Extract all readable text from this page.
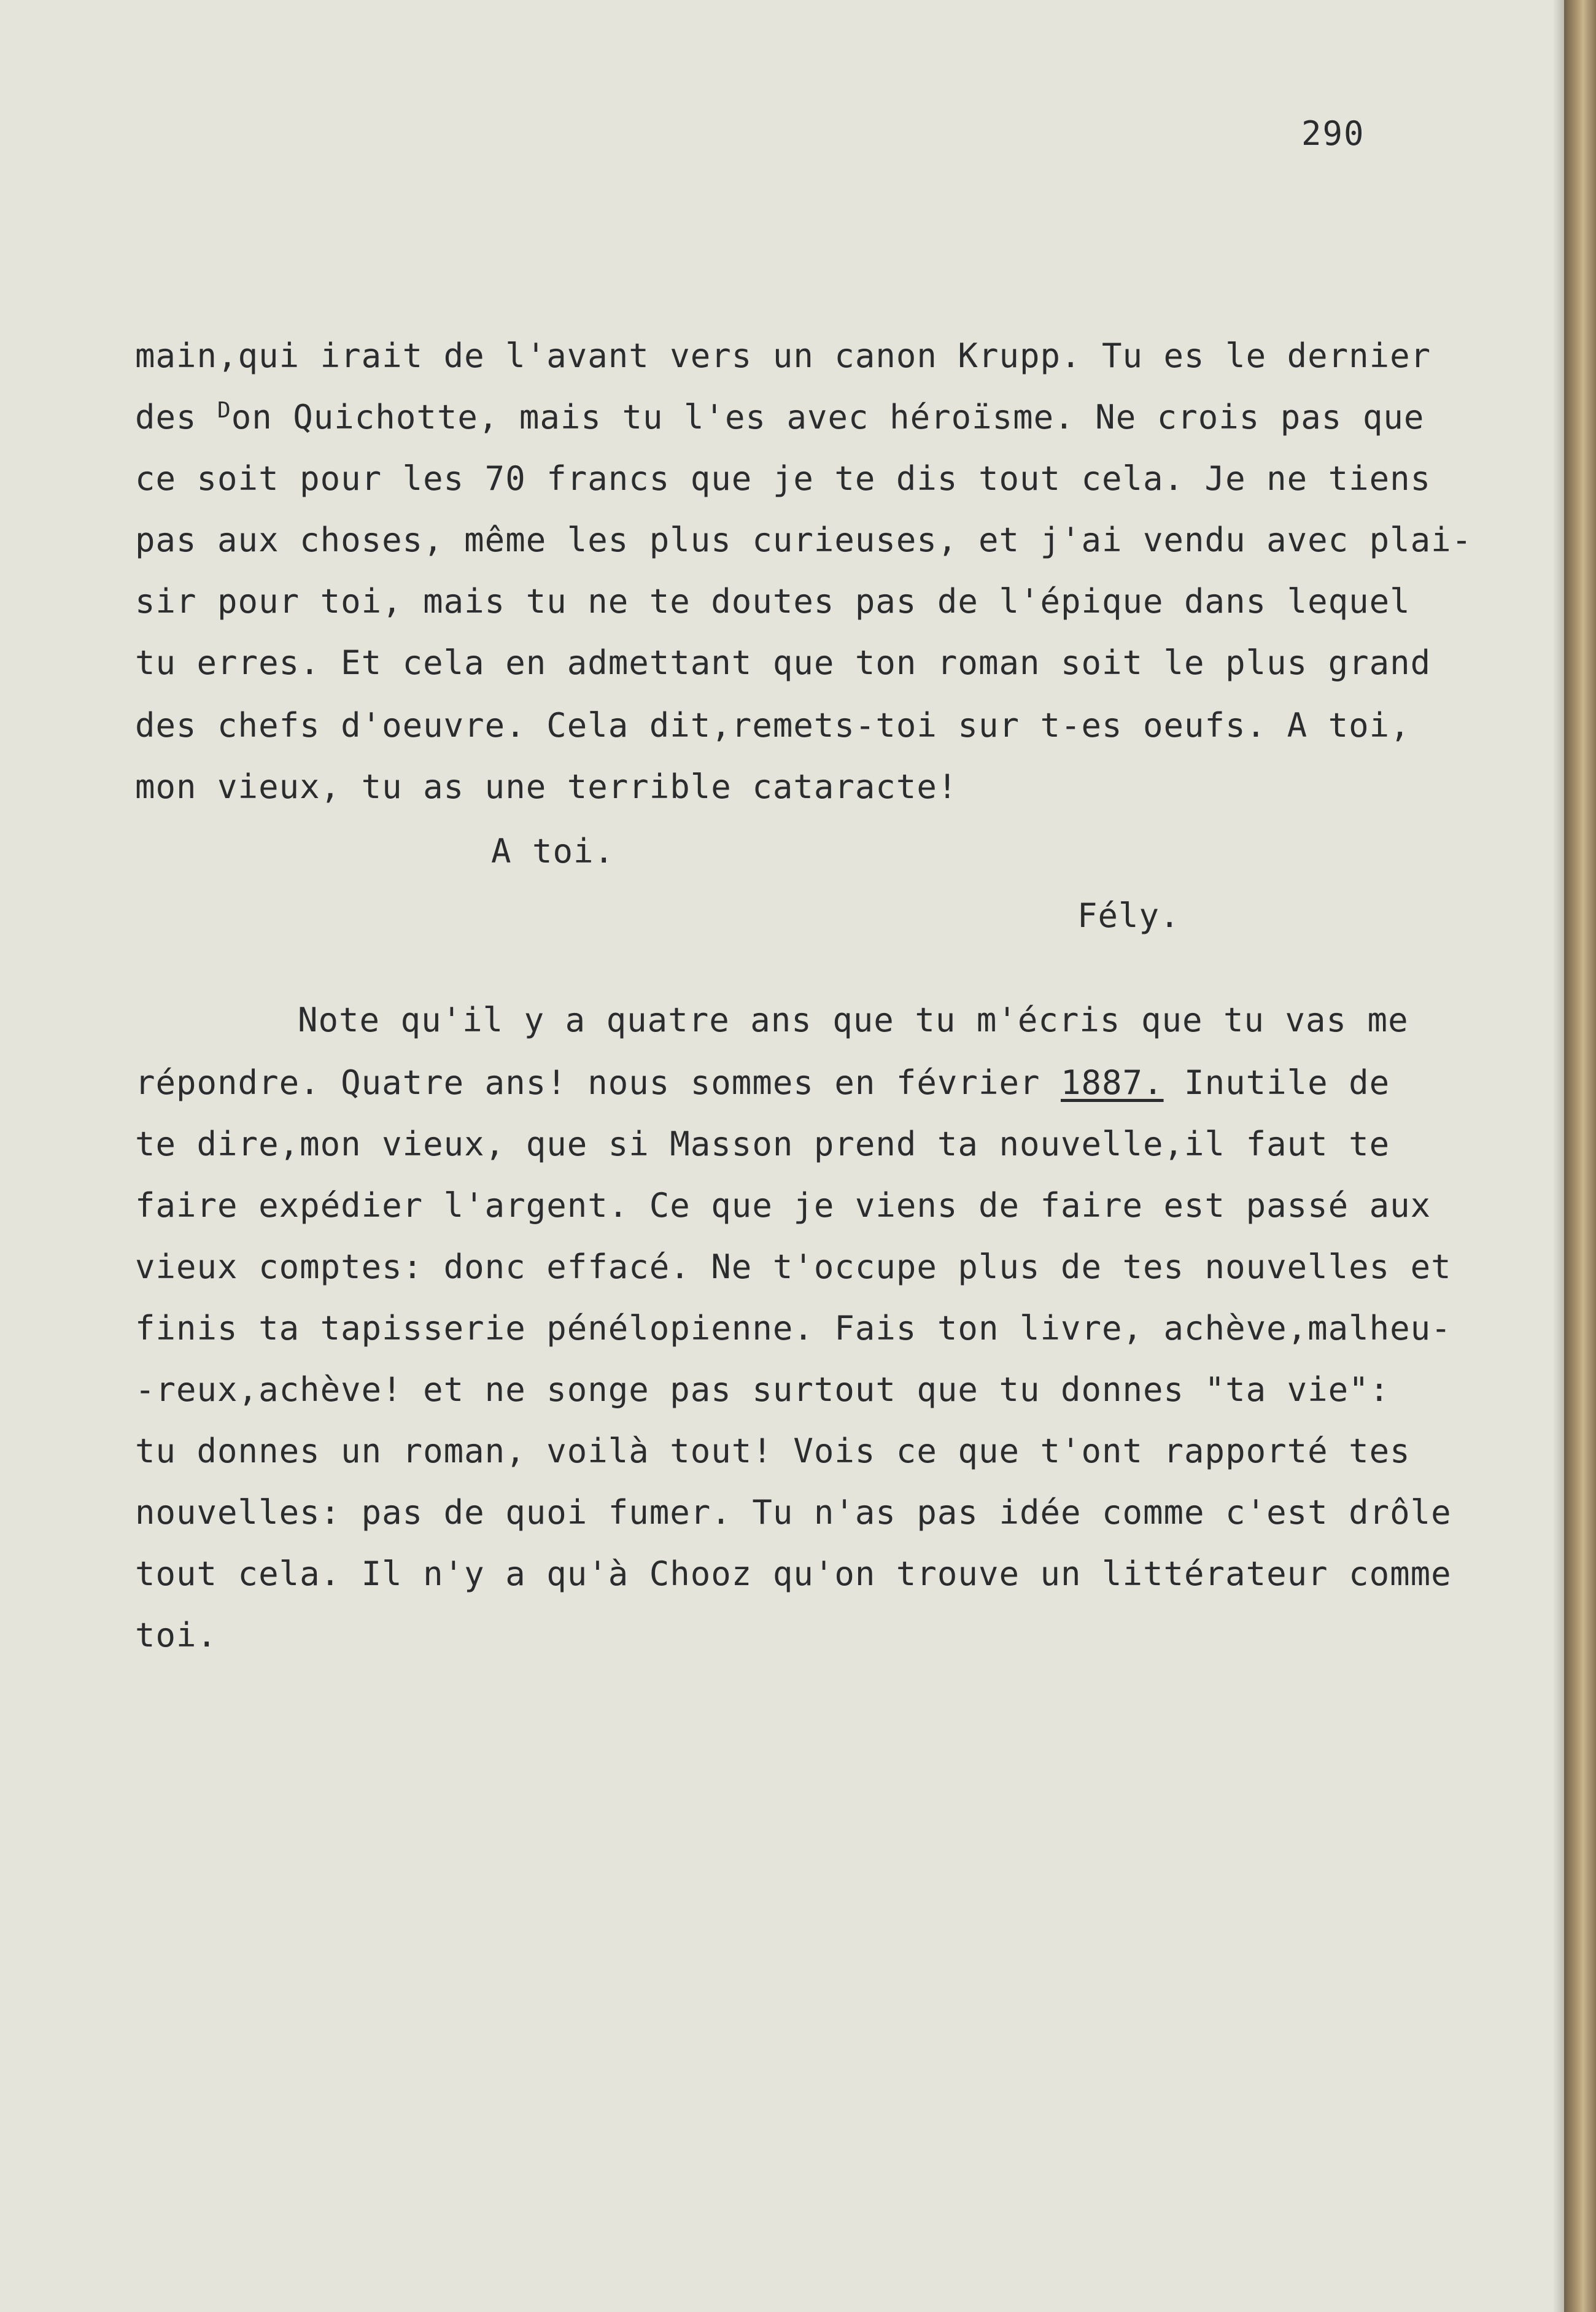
290
main,qui irait de l'avant vers un canon Krupp. Tu es le dernier
des $^D$on Quichotte, mais tu l'es avec héroïsme. Ne crois pas que
ce soit pour les 70 francs que je te dis tout cela. Je ne tiens
pas aux choses, même les plus curieuses, et j'ai vendu avec plai-
sir pour toi, mais tu ne te doutes pas de l'épique dans lequel
tu erres. Et cela en admettant que ton roman soit le plus grand
des chefs d'oeuvre. Cela dit,remets-toi sur t-es oeufs. A toi,
mon vieux, tu as une terrible cataracte!
A toi.
Fély.
Note qu'il y a quatre ans que tu m'écris que tu vas me
répondre. Quatre ans! nous sommes en février 1887. Inutile de
te dire,mon vieux, que si Masson prend ta nouvelle,il faut te
faire expédier l'argent. Ce que je viens de faire est passé aux
vieux comptes: donc effacé. Ne t'occupe plus de tes nouvelles et
finis ta tapisserie pénélopienne. Fais ton livre, achève,malheu-
-reux,achève! et ne songe pas surtout que tu donnes "ta vie":
tu donnes un roman, voilà tout! Vois ce que t'ont rapporté tes
nouvelles: pas de quoi fumer. Tu n'as pas idée comme c'est drôle
tout cela. Il n'y a qu'à Chooz qu'on trouve un littérateur comme
toi.
